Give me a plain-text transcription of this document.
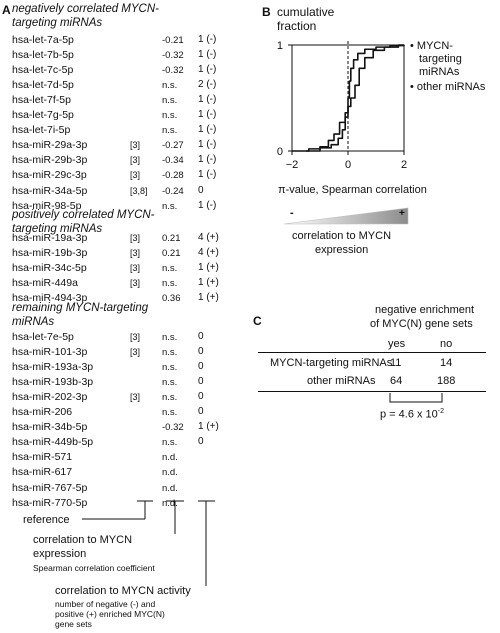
A	B
C
negatively correlated MYCN-
targeting miRNAs
hsa-let-7a-5p	-0.21 1 (-)
hsa-let-7b-5p	-0.32 1 (-)
hsa-let-7c-5p	-0.32 1 (-)
hsa-let-7d-5p	n.s. 2 (-)
hsa-let-7f-5p	n.s. 1 (-)
hsa-let-7g-5p	n.s. 1 (-)
hsa-let-7i-5p	n.s. 1 (-)
hsa-miR-29a-3p	[3] -0.27 1 (-)
hsa-miR-29b-3p	[3] -0.34 1 (-)
hsa-miR-29c-3p	[3] -0.28 1 (-)
hsa-miR-34a-5p	[3,8] -0.24 0
hsa-miR-98-5p	n.s. 1 (-)
positively correlated MYCN-
targeting miRNAs
hsa-miR-19a-3p	[3] 0.21 4 (+)
hsa-miR-19b-3p	[3] 0.21 4 (+)
hsa-miR-34c-5p	[3] n.s. 1 (+)
hsa-miR-449a	[3] n.s. 1 (+)
hsa-miR-494-3p	0.36 1 (+)
remaining MYCN-targeting
miRNAs
hsa-let-7e-5p	[3] n.s. 0
hsa-miR-101-3p	[3] n.s. 0
hsa-miR-193a-3p	n.s. 0
hsa-miR-193b-3p	n.s. 0
hsa-miR-202-3p	[3] n.s. 0
hsa-miR-206	n.s. 0
hsa-miR-34b-5p	-0.32 1 (+)
hsa-miR-449b-5p	n.s. 0
hsa-miR-571	n.d.
hsa-miR-617	n.d.
hsa-miR-767-5p	n.d.
hsa-miR-770-5p	n.d.
reference
correlation to MYCN
expression
Spearman correlation coefficient
correlation to MYCN activity
number of negative (-) and
positive (+) enriched MYC(N)
gene sets
cumulative
fraction
−2	0	2
0
1	• MYCN-
targeting
miRNAs
• other miRNAs
π-value, Spearman correlation
-	+
correlation to MYCN
expression
negative enrichment
of MYC(N) gene sets
yes	no
MYCN-targeting miRNAs
11	14
other miRNAs 64	188
p = 4.6 x $10^{-2}$
